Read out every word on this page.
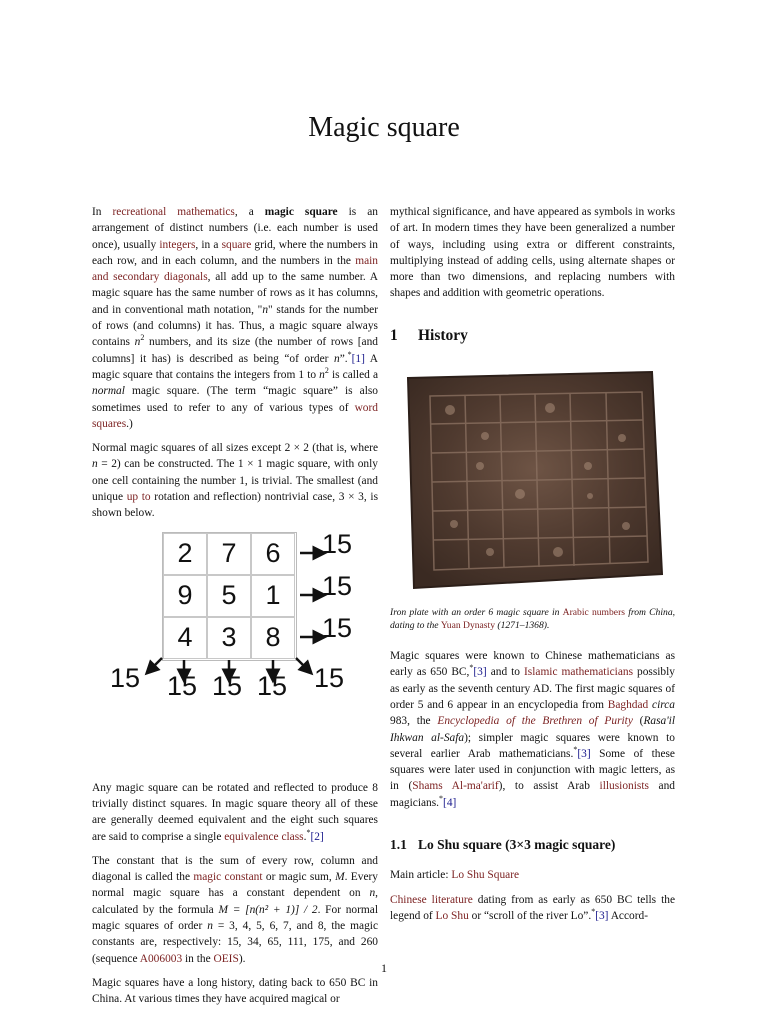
Magic square

In recreational mathematics, a magic square is an arrangement of distinct numbers (i.e. each number is used once), usually integers, in a square grid, where the numbers in each row, and in each column, and the numbers in the main and secondary diagonals, all add up to the same number. A magic square has the same number of rows as it has columns, and in conventional math notation, "n" stands for the number of rows (and columns) it has. Thus, a magic square always contains $n^2$ numbers, and its size (the number of rows [and columns] it has) is described as being “of order n”.*[1] A magic square that contains the integers from 1 to $n^2$ is called a normal magic square. (The term “magic square” is also sometimes used to refer to any of various types of word squares.)

Normal magic squares of all sizes except 2 × 2 (that is, where n = 2) can be constructed. The 1 × 1 magic square, with only one cell containing the number 1, is trivial. The smallest (and unique up to rotation and reflection) nontrivial case, 3 × 3, is shown below.

2	7	6
9	5	1
4	3	8
15
15
15
15 15 15 15 15

Any magic square can be rotated and reflected to produce 8 trivially distinct squares. In magic square theory all of these are generally deemed equivalent and the eight such squares are said to comprise a single equivalence class.*[2]

The constant that is the sum of every row, column and diagonal is called the magic constant or magic sum, M. Every normal magic square has a constant dependent on n, calculated by the formula M = [n(n² + 1)] / 2. For normal magic squares of order n = 3, 4, 5, 6, 7, and 8, the magic constants are, respectively: 15, 34, 65, 111, 175, and 260 (sequence A006003 in the OEIS).

Magic squares have a long history, dating back to 650 BC in China. At various times they have acquired magical or

mythical significance, and have appeared as symbols in works of art. In modern times they have been generalized a number of ways, including using extra or different constraints, multiplying instead of adding cells, using alternate shapes or more than two dimensions, and replacing numbers with shapes and addition with geometric operations.

1 History
Iron plate with an order 6 magic square in Arabic numbers from China, dating to the Yuan Dynasty (1271–1368).

Magic squares were known to Chinese mathematicians as early as 650 BC,*[3] and to Islamic mathematicians possibly as early as the seventh century AD. The first magic squares of order 5 and 6 appear in an encyclopedia from Baghdad circa 983, the Encyclopedia of the Brethren of Purity (Rasa'il Ihkwan al-Safa); simpler magic squares were known to several earlier Arab mathematicians.*[3] Some of these squares were later used in conjunction with magic letters, as in (Shams Al-ma'arif), to assist Arab illusionists and magicians.*[4]

1.1 Lo Shu square (3×3 magic square)

Main article: Lo Shu Square

Chinese literature dating from as early as 650 BC tells the legend of Lo Shu or “scroll of the river Lo”.*[3] Accord-

1
